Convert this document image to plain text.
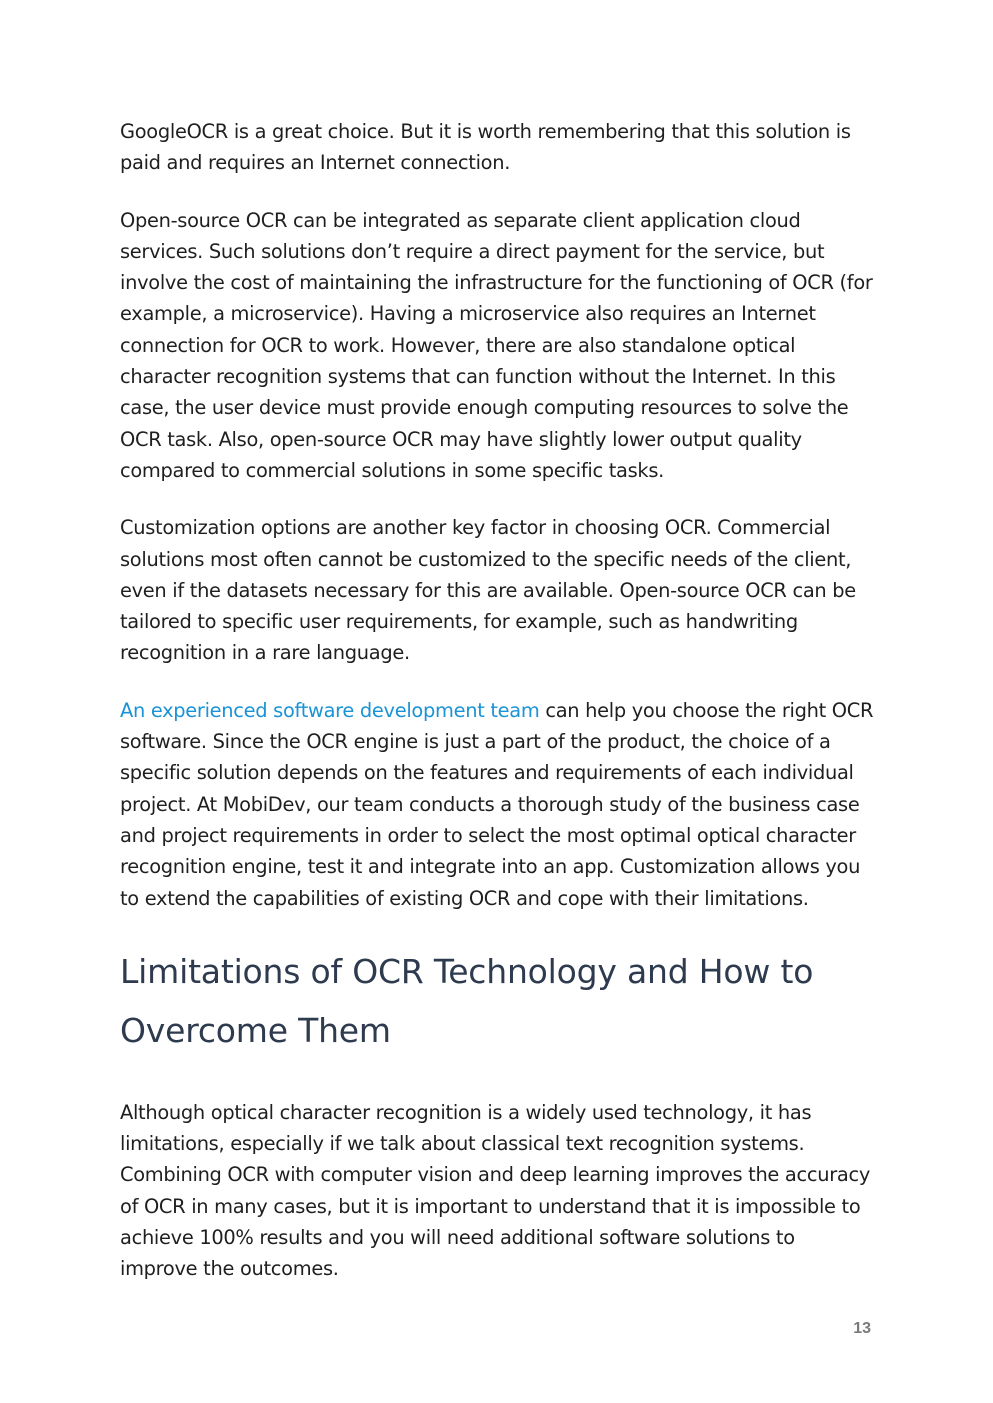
GoogleOCR is a great choice. But it is worth remembering that this solution is paid and requires an Internet connection.

Open-source OCR can be integrated as separate client application cloud services. Such solutions don’t require a direct payment for the service, but involve the cost of maintaining the infrastructure for the functioning of OCR (for example, a microservice). Having a microservice also requires an Internet connection for OCR to work. However, there are also standalone optical character recognition systems that can function without the Internet. In this case, the user device must provide enough computing resources to solve the OCR task. Also, open-source OCR may have slightly lower output quality compared to commercial solutions in some specific tasks.

Customization options are another key factor in choosing OCR. Commercial solutions most often cannot be customized to the specific needs of the client, even if the datasets necessary for this are available. Open-source OCR can be tailored to specific user requirements, for example, such as handwriting recognition in a rare language.

An experienced software development team can help you choose the right OCR software. Since the OCR engine is just a part of the product, the choice of a specific solution depends on the features and requirements of each individual project. At MobiDev, our team conducts a thorough study of the business case and project requirements in order to select the most optimal optical character recognition engine, test it and integrate into an app. Customization allows you to extend the capabilities of existing OCR and cope with their limitations.

Limitations of OCR Technology and How to
Overcome Them

Although optical character recognition is a widely used technology, it has limitations, especially if we talk about classical text recognition systems. Combining OCR with computer vision and deep learning improves the accuracy of OCR in many cases, but it is important to understand that it is impossible to achieve 100% results and you will need additional software solutions to improve the outcomes.

13
